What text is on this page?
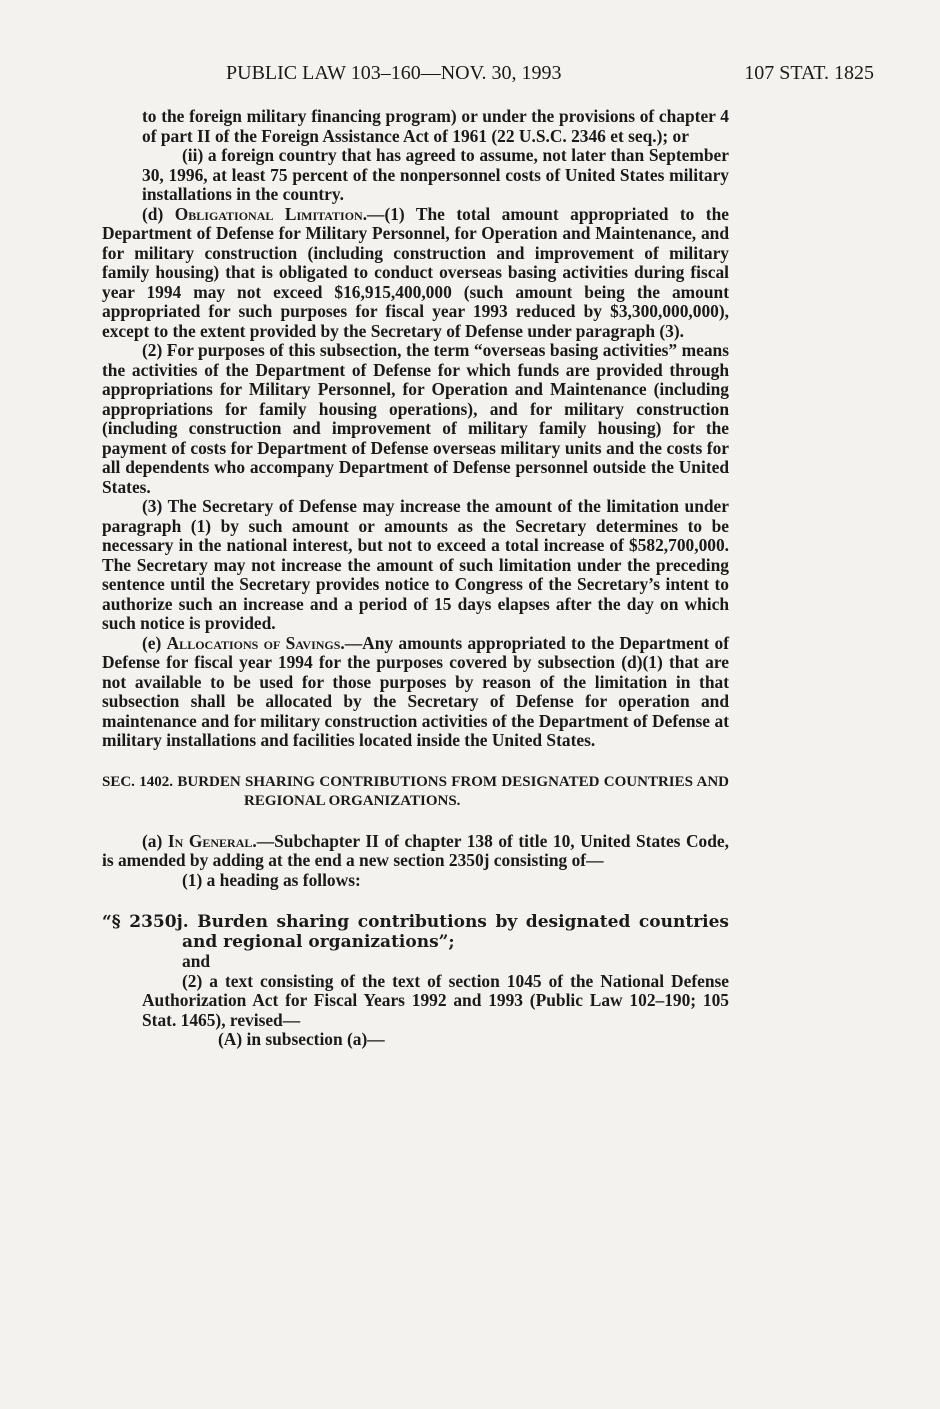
PUBLIC LAW 103–160—NOV. 30, 1993	107 STAT. 1825

to the foreign military financing program) or under the provisions of chapter 4 of part II of the Foreign Assistance Act of 1961 (22 U.S.C. 2346 et seq.); or

(ii) a foreign country that has agreed to assume, not later than September 30, 1996, at least 75 percent of the nonpersonnel costs of United States military installations in the country.

(d) Obligational Limitation.—(1) The total amount appropriated to the Department of Defense for Military Personnel, for Operation and Maintenance, and for military construction (including construction and improvement of military family housing) that is obligated to conduct overseas basing activities during fiscal year 1994 may not exceed $16,915,400,000 (such amount being the amount appropriated for such purposes for fiscal year 1993 reduced by $3,300,000,000), except to the extent provided by the Secretary of Defense under paragraph (3).

(2) For purposes of this subsection, the term “overseas basing activities” means the activities of the Department of Defense for which funds are provided through appropriations for Military Personnel, for Operation and Maintenance (including appropriations for family housing operations), and for military construction (including construction and improvement of military family housing) for the payment of costs for Department of Defense overseas military units and the costs for all dependents who accompany Department of Defense personnel outside the United States.

(3) The Secretary of Defense may increase the amount of the limitation under paragraph (1) by such amount or amounts as the Secretary determines to be necessary in the national interest, but not to exceed a total increase of $582,700,000. The Secretary may not increase the amount of such limitation under the preceding sentence until the Secretary provides notice to Congress of the Secretary’s intent to authorize such an increase and a period of 15 days elapses after the day on which such notice is provided.

(e) Allocations of Savings.—Any amounts appropriated to the Department of Defense for fiscal year 1994 for the purposes covered by subsection (d)(1) that are not available to be used for those purposes by reason of the limitation in that subsection shall be allocated by the Secretary of Defense for operation and maintenance and for military construction activities of the Department of Defense at military installations and facilities located inside the United States.

SEC. 1402. BURDEN SHARING CONTRIBUTIONS FROM DESIGNATED COUNTRIES AND REGIONAL ORGANIZATIONS.

(a) In General.—Subchapter II of chapter 138 of title 10, United States Code, is amended by adding at the end a new section 2350j consisting of—

(1) a heading as follows:

“§ 2350j. Burden sharing contributions by designated countries and regional organizations”;

and

(2) a text consisting of the text of section 1045 of the National Defense Authorization Act for Fiscal Years 1992 and 1993 (Public Law 102–190; 105 Stat. 1465), revised—

(A) in subsection (a)—
